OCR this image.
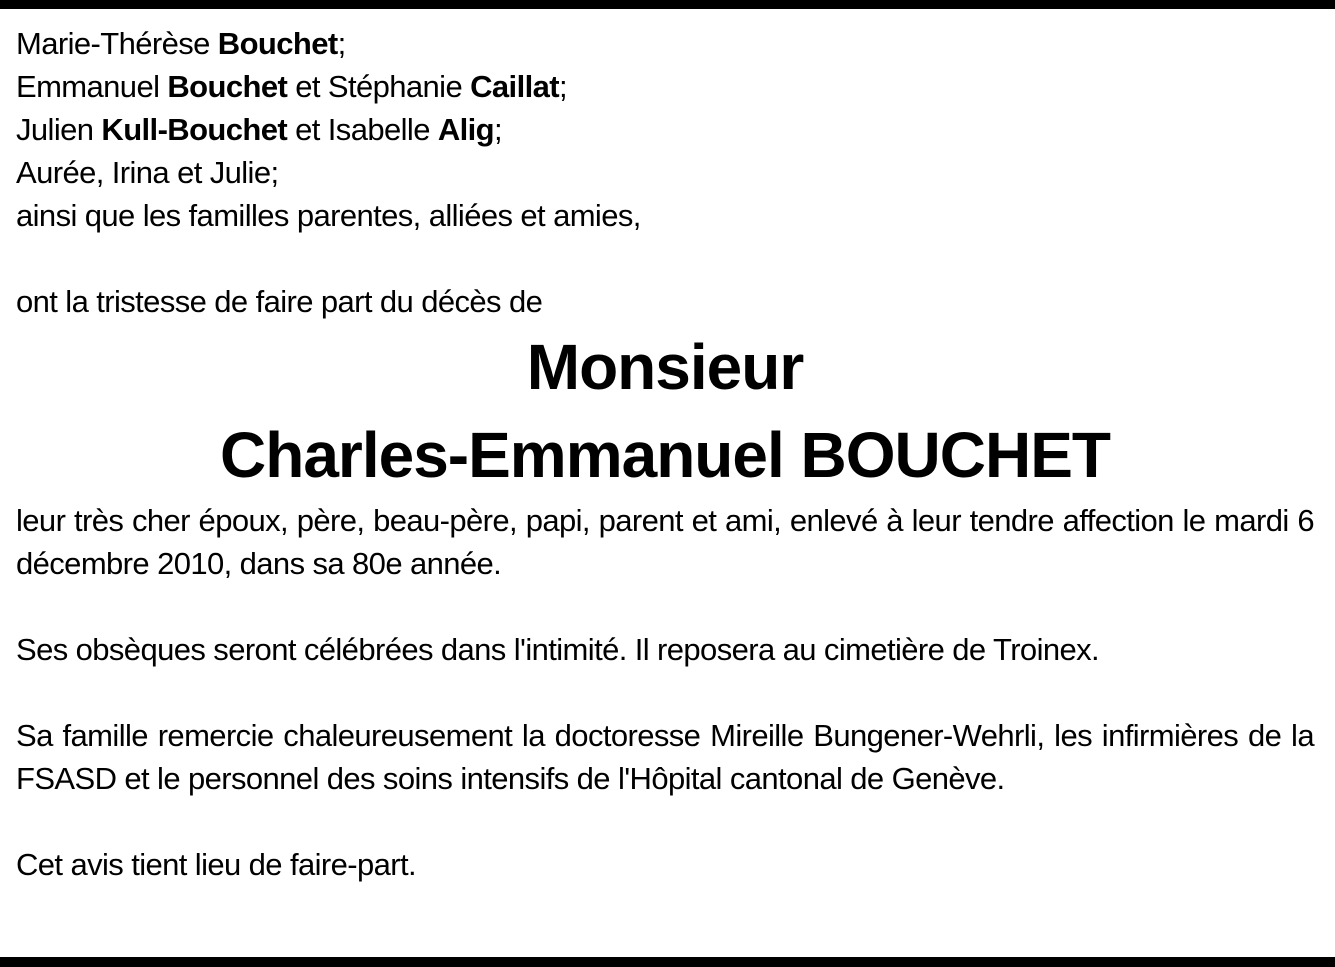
Marie-Thérèse Bouchet;

Emmanuel Bouchet et Stéphanie Caillat;

Julien Kull-Bouchet et Isabelle Alig;

Aurée, Irina et Julie;

ainsi que les familles parentes, alliées et amies,

ont la tristesse de faire part du décès de

Monsieur
Charles-Emmanuel BOUCHET

leur très cher époux, père, beau-père, papi, parent et ami, enlevé à leur tendre affection le mardi 6 décembre 2010, dans sa 80e année.

Ses obsèques seront célébrées dans l'intimité. Il reposera au cimetière de Troinex.

Sa famille remercie chaleureusement la doctoresse Mireille Bungener-Wehrli, les infirmières de la FSASD et le personnel des soins intensifs de l'Hôpital cantonal de Genève.

Cet avis tient lieu de faire-part.
